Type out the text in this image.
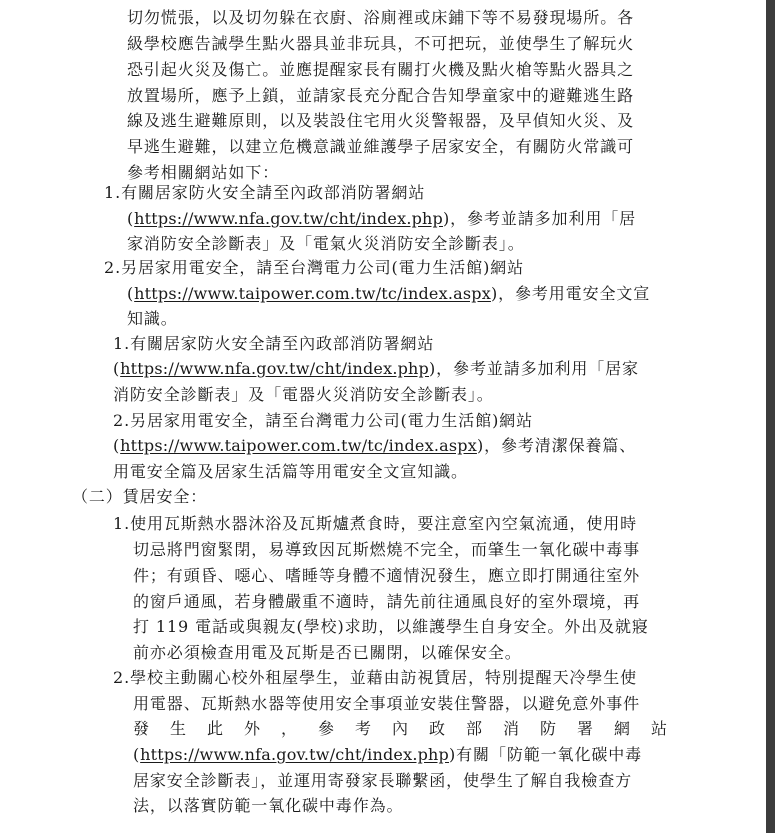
切勿慌張，以及切勿躲在衣廚、浴廁裡或床鋪下等不易發現場所。各
級學校應告誡學生點火器具並非玩具，不可把玩，並使學生了解玩火
恐引起火災及傷亡。並應提醒家長有關打火機及點火槍等點火器具之
放置場所，應予上鎖，並請家長充分配合告知學童家中的避難逃生路
線及逃生避難原則，以及裝設住宅用火災警報器，及早偵知火災、及
早逃生避難，以建立危機意識並維護學子居家安全，有關防火常識可
參考相關網站如下：
1.有關居家防火安全請至內政部消防署網站
(https://www.nfa.gov.tw/cht/index.php)，參考並請多加利用「居
家消防安全診斷表」及「電氣火災消防安全診斷表」。
2.另居家用電安全，請至台灣電力公司(電力生活館)網站
(https://www.taipower.com.tw/tc/index.aspx)，參考用電安全文宣
知識。
1.有關居家防火安全請至內政部消防署網站
(https://www.nfa.gov.tw/cht/index.php)，參考並請多加利用「居家
消防安全診斷表」及「電器火災消防安全診斷表」。
2.另居家用電安全，請至台灣電力公司(電力生活館)網站
(https://www.taipower.com.tw/tc/index.aspx)，參考清潔保養篇、
用電安全篇及居家生活篇等用電安全文宣知識。
（二）賃居安全：
1.使用瓦斯熱水器沐浴及瓦斯爐煮食時，要注意室內空氣流通，使用時
切忌將門窗緊閉，易導致因瓦斯燃燒不完全，而肇生一氧化碳中毒事
件；有頭昏、噁心、嗜睡等身體不適情況發生，應立即打開通往室外
的窗戶通風，若身體嚴重不適時，請先前往通風良好的室外環境，再
打 119 電話或與親友(學校)求助，以維護學生自身安全。外出及就寢
前亦必須檢查用電及瓦斯是否已關閉，以確保安全。
2.學校主動關心校外租屋學生，並藉由訪視賃居，特別提醒天冷學生使
用電器、瓦斯熱水器等使用安全事項並安裝住警器，以避免意外事件
發生此外，參考內政部消防署網站
(https://www.nfa.gov.tw/cht/index.php)有關「防範一氧化碳中毒
居家安全診斷表」，並運用寄發家長聯繫函，使學生了解自我檢查方
法，以落實防範一氧化碳中毒作為。
